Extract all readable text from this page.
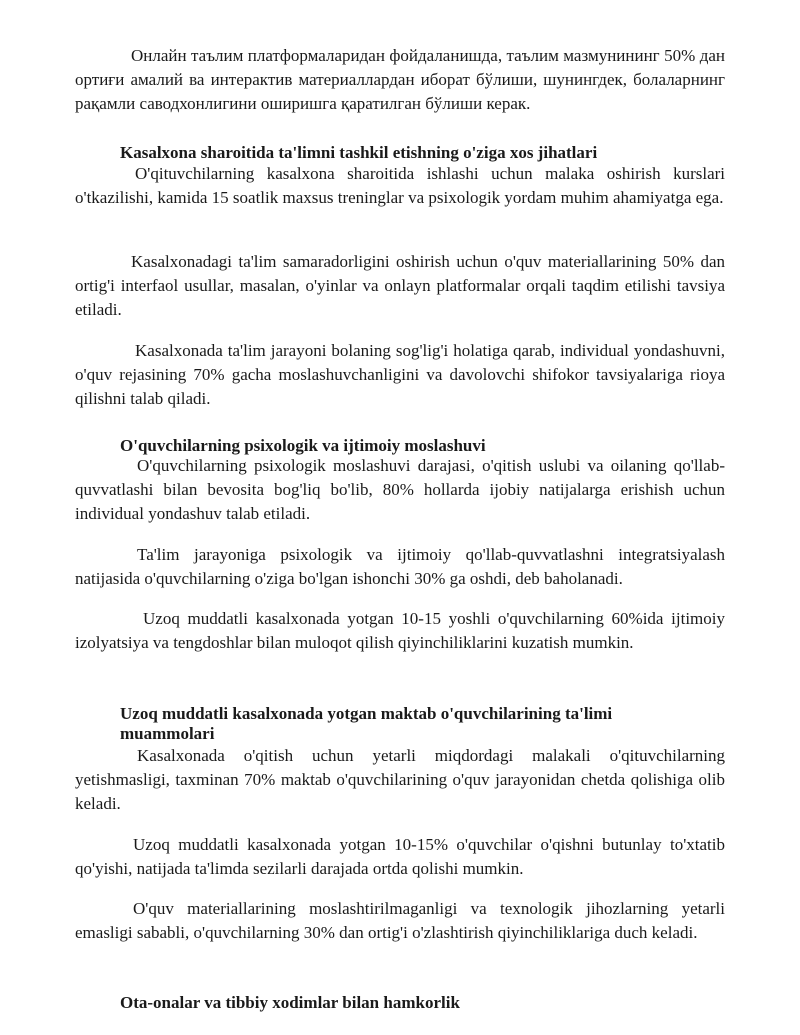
Онлайн таълим платформаларидан фойдаланишда, таълим мазмунининг 50% дан ортиғи амалий ва интерактив материаллардан иборат бўлиши, шунингдек, болаларнинг рақамли саводхонлигини оширишга қаратилган бўлиши керак.

Kasalxona sharoitida ta'limni tashkil etishning o'ziga xos jihatlari

O'qituvchilarning kasalxona sharoitida ishlashi uchun malaka oshirish kurslari o'tkazilishi, kamida 15 soatlik maxsus treninglar va psixologik yordam muhim ahamiyatga ega.

Kasalxonadagi ta'lim samaradorligini oshirish uchun o'quv materiallarining 50% dan ortig'i interfaol usullar, masalan, o'yinlar va onlayn platformalar orqali taqdim etilishi tavsiya etiladi.

Kasalxonada ta'lim jarayoni bolaning sog'lig'i holatiga qarab, individual yondashuvni, o'quv rejasining 70% gacha moslashuvchanligini va davolovchi shifokor tavsiyalariga rioya qilishni talab qiladi.

O'quvchilarning psixologik va ijtimoiy moslashuvi

O'quvchilarning psixologik moslashuvi darajasi, o'qitish uslubi va oilaning qo'llab-quvvatlashi bilan bevosita bog'liq bo'lib, 80% hollarda ijobiy natijalarga erishish uchun individual yondashuv talab etiladi.

Ta'lim jarayoniga psixologik va ijtimoiy qo'llab-quvvatlashni integratsiyalash natijasida o'quvchilarning o'ziga bo'lgan ishonchi 30% ga oshdi, deb baholanadi.

Uzoq muddatli kasalxonada yotgan 10-15 yoshli o'quvchilarning 60%ida ijtimoiy izolyatsiya va tengdoshlar bilan muloqot qilish qiyinchiliklarini kuzatish mumkin.

Uzoq muddatli kasalxonada yotgan maktab o'quvchilarining ta'limi muammolari

Kasalxonada o'qitish uchun yetarli miqdordagi malakali o'qituvchilarning yetishmasligi, taxminan 70% maktab o'quvchilarining o'quv jarayonidan chetda qolishiga olib keladi.

Uzoq muddatli kasalxonada yotgan 10-15% o'quvchilar o'qishni butunlay to'xtatib qo'yishi, natijada ta'limda sezilarli darajada ortda qolishi mumkin.

O'quv materiallarining moslashtirilmaganligi va texnologik jihozlarning yetarli emasligi sababli, o'quvchilarning 30% dan ortig'i o'zlashtirish qiyinchiliklariga duch keladi.

Ota-onalar va tibbiy xodimlar bilan hamkorlik
